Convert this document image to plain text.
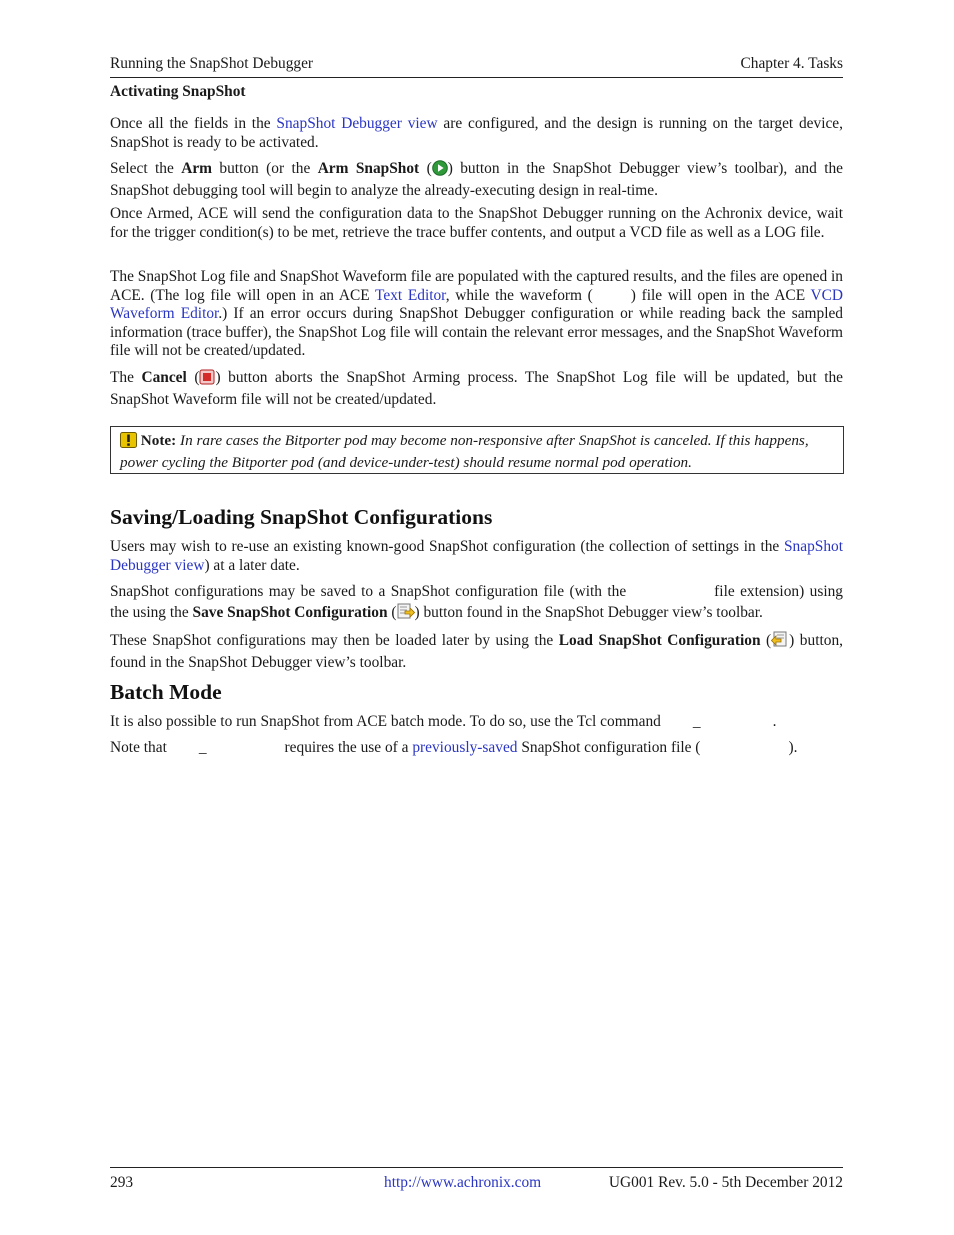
Running the SnapShot Debugger	Chapter 4. Tasks
Activating SnapShot

Once all the fields in the SnapShot Debugger view are configured, and the design is running on the target device, SnapShot is ready to be activated.

Select the Arm button (or the Arm SnapShot ( ) button in the SnapShot Debugger view’s toolbar), and the SnapShot debugging tool will begin to analyze the already-executing design in real-time.

Once Armed, ACE will send the configuration data to the SnapShot Debugger running on the Achronix device, wait for the trigger condition(s) to be met, retrieve the trace buffer contents, and output a VCD file as well as a LOG file.

The SnapShot Log file and SnapShot Waveform file are populated with the captured results, and the files are opened in ACE. (The log file will open in an ACE Text Editor, while the waveform ( ) file will open in the ACE VCD Waveform Editor.) If an error occurs during SnapShot Debugger configuration or while reading back the sampled information (trace buffer), the SnapShot Log file will contain the relevant error messages, and the SnapShot Waveform file will not be created/updated.

The Cancel ( ) button aborts the SnapShot Arming process. The SnapShot Log file will be updated, but the SnapShot Waveform file will not be created/updated.

Note: In rare cases the Bitporter pod may become non-responsive after SnapShot is canceled. If this happens, power cycling the Bitporter pod (and device-under-test) should resume normal pod operation.
Saving/Loading SnapShot Configurations

Users may wish to re-use an existing known-good SnapShot configuration (the collection of settings in the SnapShot Debugger view) at a later date.

SnapShot configurations may be saved to a SnapShot configuration file (with the	file extension) using the using the Save SnapShot Configuration ( ) button found in the SnapShot Debugger view’s toolbar.

These SnapShot configurations may then be loaded later by using the Load SnapShot Configuration ( ) button, found in the SnapShot Debugger view’s toolbar.

Batch Mode

It is also possible to run SnapShot from ACE batch mode. To do so, use the Tcl command _	.

Note that _	requires the use of a previously-saved SnapShot configuration file (	).

293	http://www.achronix.com	UG001 Rev. 5.0 - 5th December 2012
